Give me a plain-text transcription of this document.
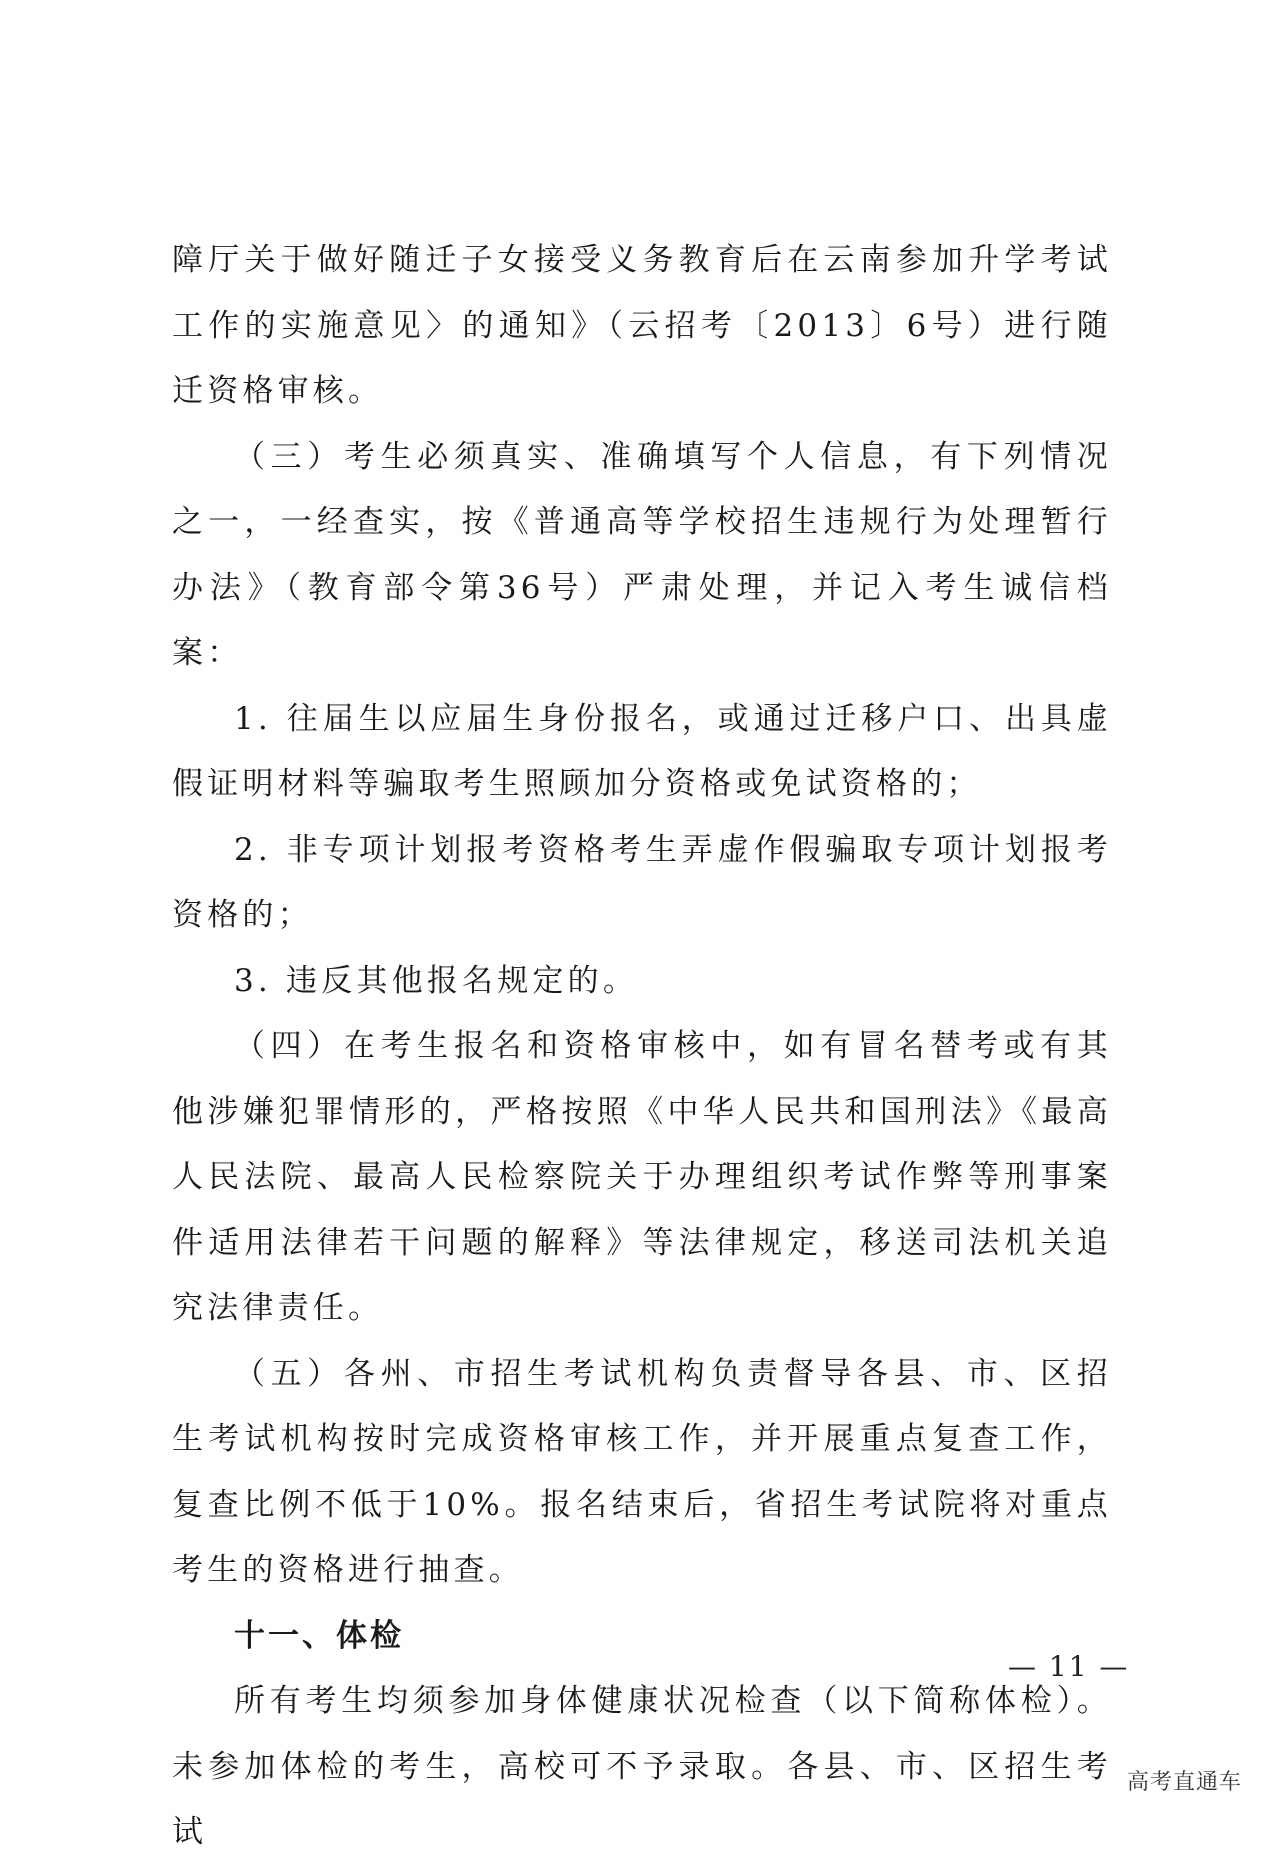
障厅关于做好随迁子女接受义务教育后在云南参加升学考试工作的实施意见〉的通知》（云招考〔2013〕6号）进行随迁资格审核。

（三）考生必须真实、准确填写个人信息，有下列情况之一，一经查实，按《普通高等学校招生违规行为处理暂行办法》（教育部令第36号）严肃处理，并记入考生诚信档案：

1. 往届生以应届生身份报名，或通过迁移户口、出具虚假证明材料等骗取考生照顾加分资格或免试资格的；

2. 非专项计划报考资格考生弄虚作假骗取专项计划报考资格的；

3. 违反其他报名规定的。

（四）在考生报名和资格审核中，如有冒名替考或有其他涉嫌犯罪情形的，严格按照《中华人民共和国刑法》《最高人民法院、最高人民检察院关于办理组织考试作弊等刑事案件适用法律若干问题的解释》等法律规定，移送司法机关追究法律责任。

（五）各州、市招生考试机构负责督导各县、市、区招生考试机构按时完成资格审核工作，并开展重点复查工作，复查比例不低于10%。报名结束后，省招生考试院将对重点考生的资格进行抽查。

十一、体检

所有考生均须参加身体健康状况检查（以下简称体检）。未参加体检的考生，高校可不予录取。各县、市、区招生考试

— 11 —
高考直通车
